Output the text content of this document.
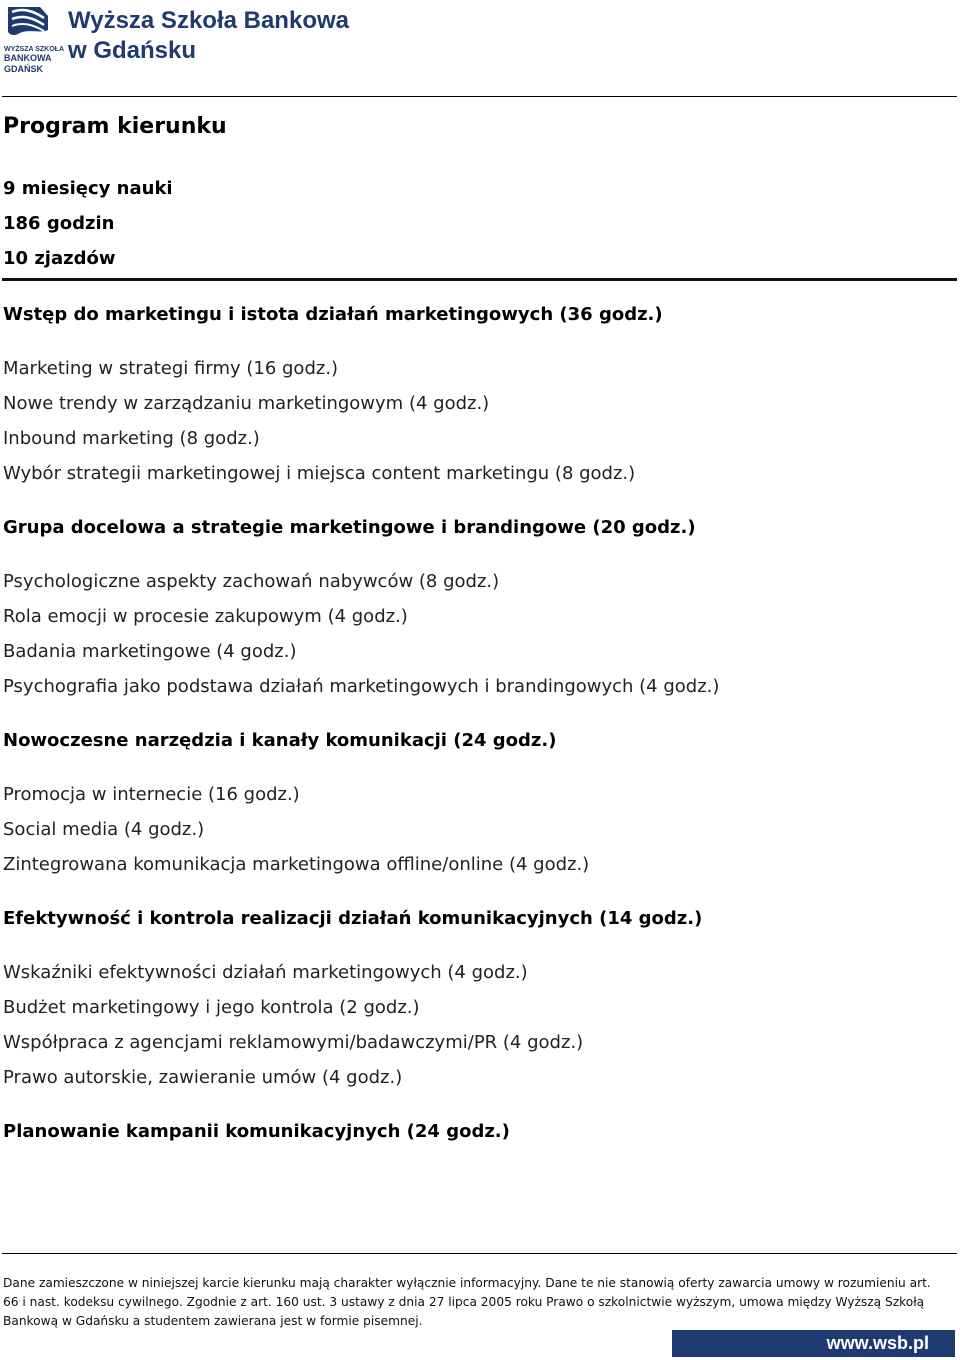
WYŻSZA SZKOŁA
BANKOWA
GDAŃSK
Wyższa Szkoła Bankowa
w Gdańsku
Program kierunku
9 miesięcy nauki
186 godzin
10 zjazdów
Wstęp do marketingu i istota działań marketingowych (36 godz.)
Marketing w strategi firmy (16 godz.)
Nowe trendy w zarządzaniu marketingowym (4 godz.)
Inbound marketing (8 godz.)
Wybór strategii marketingowej i miejsca content marketingu (8 godz.)
Grupa docelowa a strategie marketingowe i brandingowe (20 godz.)
Psychologiczne aspekty zachowań nabywców (8 godz.)
Rola emocji w procesie zakupowym (4 godz.)
Badania marketingowe (4 godz.)
Psychografia jako podstawa działań marketingowych i brandingowych (4 godz.)
Nowoczesne narzędzia i kanały komunikacji (24 godz.)
Promocja w internecie (16 godz.)
Social media (4 godz.)
Zintegrowana komunikacja marketingowa offline/online (4 godz.)
Efektywność i kontrola realizacji działań komunikacyjnych (14 godz.)
Wskaźniki efektywności działań marketingowych (4 godz.)
Budżet marketingowy i jego kontrola (2 godz.)
Współpraca z agencjami reklamowymi/badawczymi/PR (4 godz.)
Prawo autorskie, zawieranie umów (4 godz.)
Planowanie kampanii komunikacyjnych (24 godz.)
Dane zamieszczone w niniejszej karcie kierunku mają charakter wyłącznie informacyjny. Dane te nie stanowią oferty zawarcia umowy w rozumieniu art. 66 i nast. kodeksu cywilnego. Zgodnie z art. 160 ust. 3 ustawy z dnia 27 lipca 2005 roku Prawo o szkolnictwie wyższym, umowa między Wyższą Szkołą Bankową w Gdańsku a studentem zawierana jest w formie pisemnej.
www.wsb.pl
